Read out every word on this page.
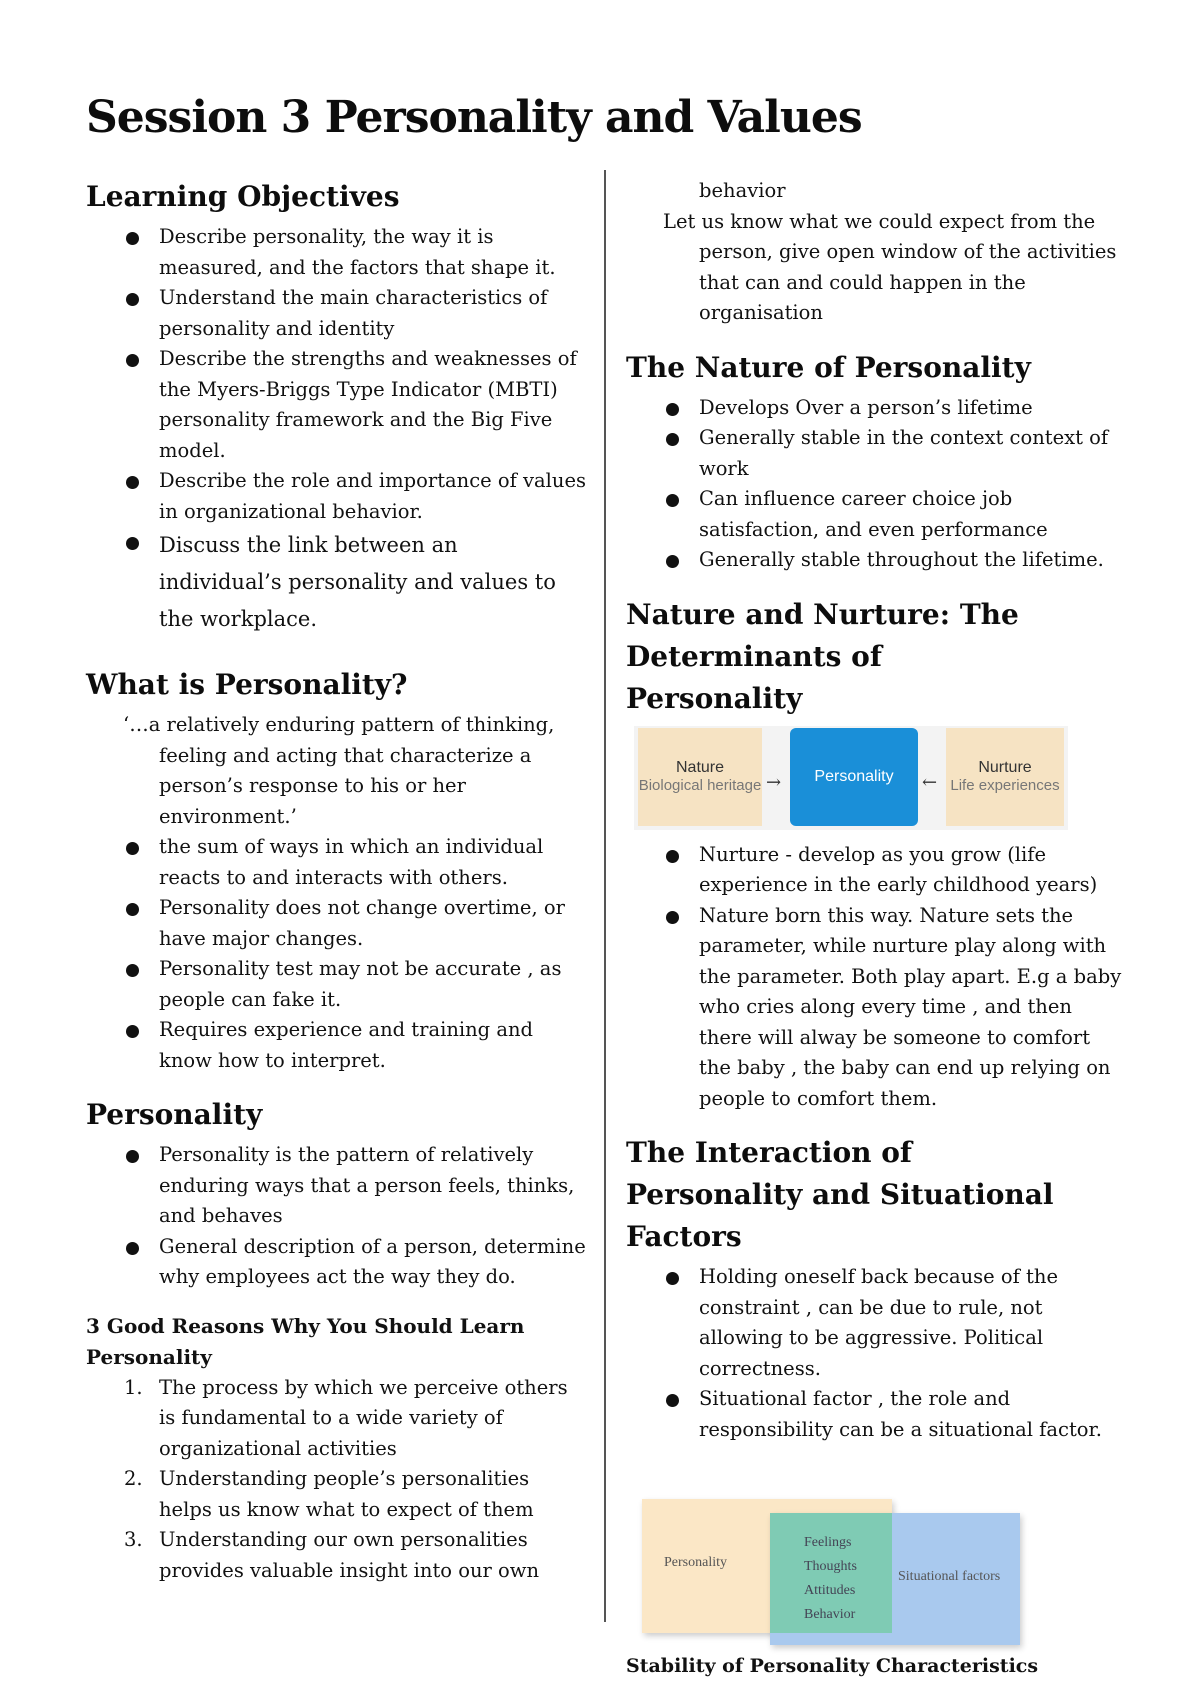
Session 3 Personality and Values
Learning Objectives
Describe personality, the way it is measured, and the factors that shape it.
Understand the main characteristics of personality and identity
Describe the strengths and weaknesses of the Myers-Briggs Type Indicator (MBTI) personality framework and the Big Five model.
Describe the role and importance of values in organizational behavior.
Discuss the link between an individual’s personality and values to the workplace.
What is Personality?

‘…a relatively enduring pattern of thinking, feeling and acting that characterize a person’s response to his or her environment.’

the sum of ways in which an individual reacts to and interacts with others.
Personality does not change overtime, or have major changes.
Personality test may not be accurate , as people can fake it.
Requires experience and training and know how to interpret.
Personality
Personality is the pattern of relatively enduring ways that a person feels, thinks, and behaves
General description of a person, determine why employees act the way they do.
3 Good Reasons Why You Should Learn Personality
1. The process by which we perceive others is fundamental to a wide variety of organizational activities
2. Understanding people’s personalities helps us know what to expect of them
3. Understanding our own personalities provides valuable insight into our own

behavior

Let us know what we could expect from the person, give open window of the activities that can and could happen in the organisation

The Nature of Personality
Develops Over a person’s lifetime
Generally stable in the context context of work
Can influence career choice job satisfaction, and even performance
Generally stable throughout the lifetime.
Nature and Nurture: The Determinants of Personality
Nature
Biological heritage →	Personality	←
Nurture
Life experiences
Nurture - develop as you grow (life experience in the early childhood years)
Nature born this way. Nature sets the parameter, while nurture play along with the parameter. Both play apart. E.g a baby who cries along every time , and then there will alway be someone to comfort the baby , the baby can end up relying on people to comfort them.
The Interaction of Personality and Situational Factors
Holding oneself back because of the constraint , can be due to rule, not allowing to be aggressive. Political correctness.
Situational factor , the role and responsibility can be a situational factor.
Personality
Feelings
Thoughts
Attitudes
Behavior
Situational factors

Stability of Personality Characteristics
